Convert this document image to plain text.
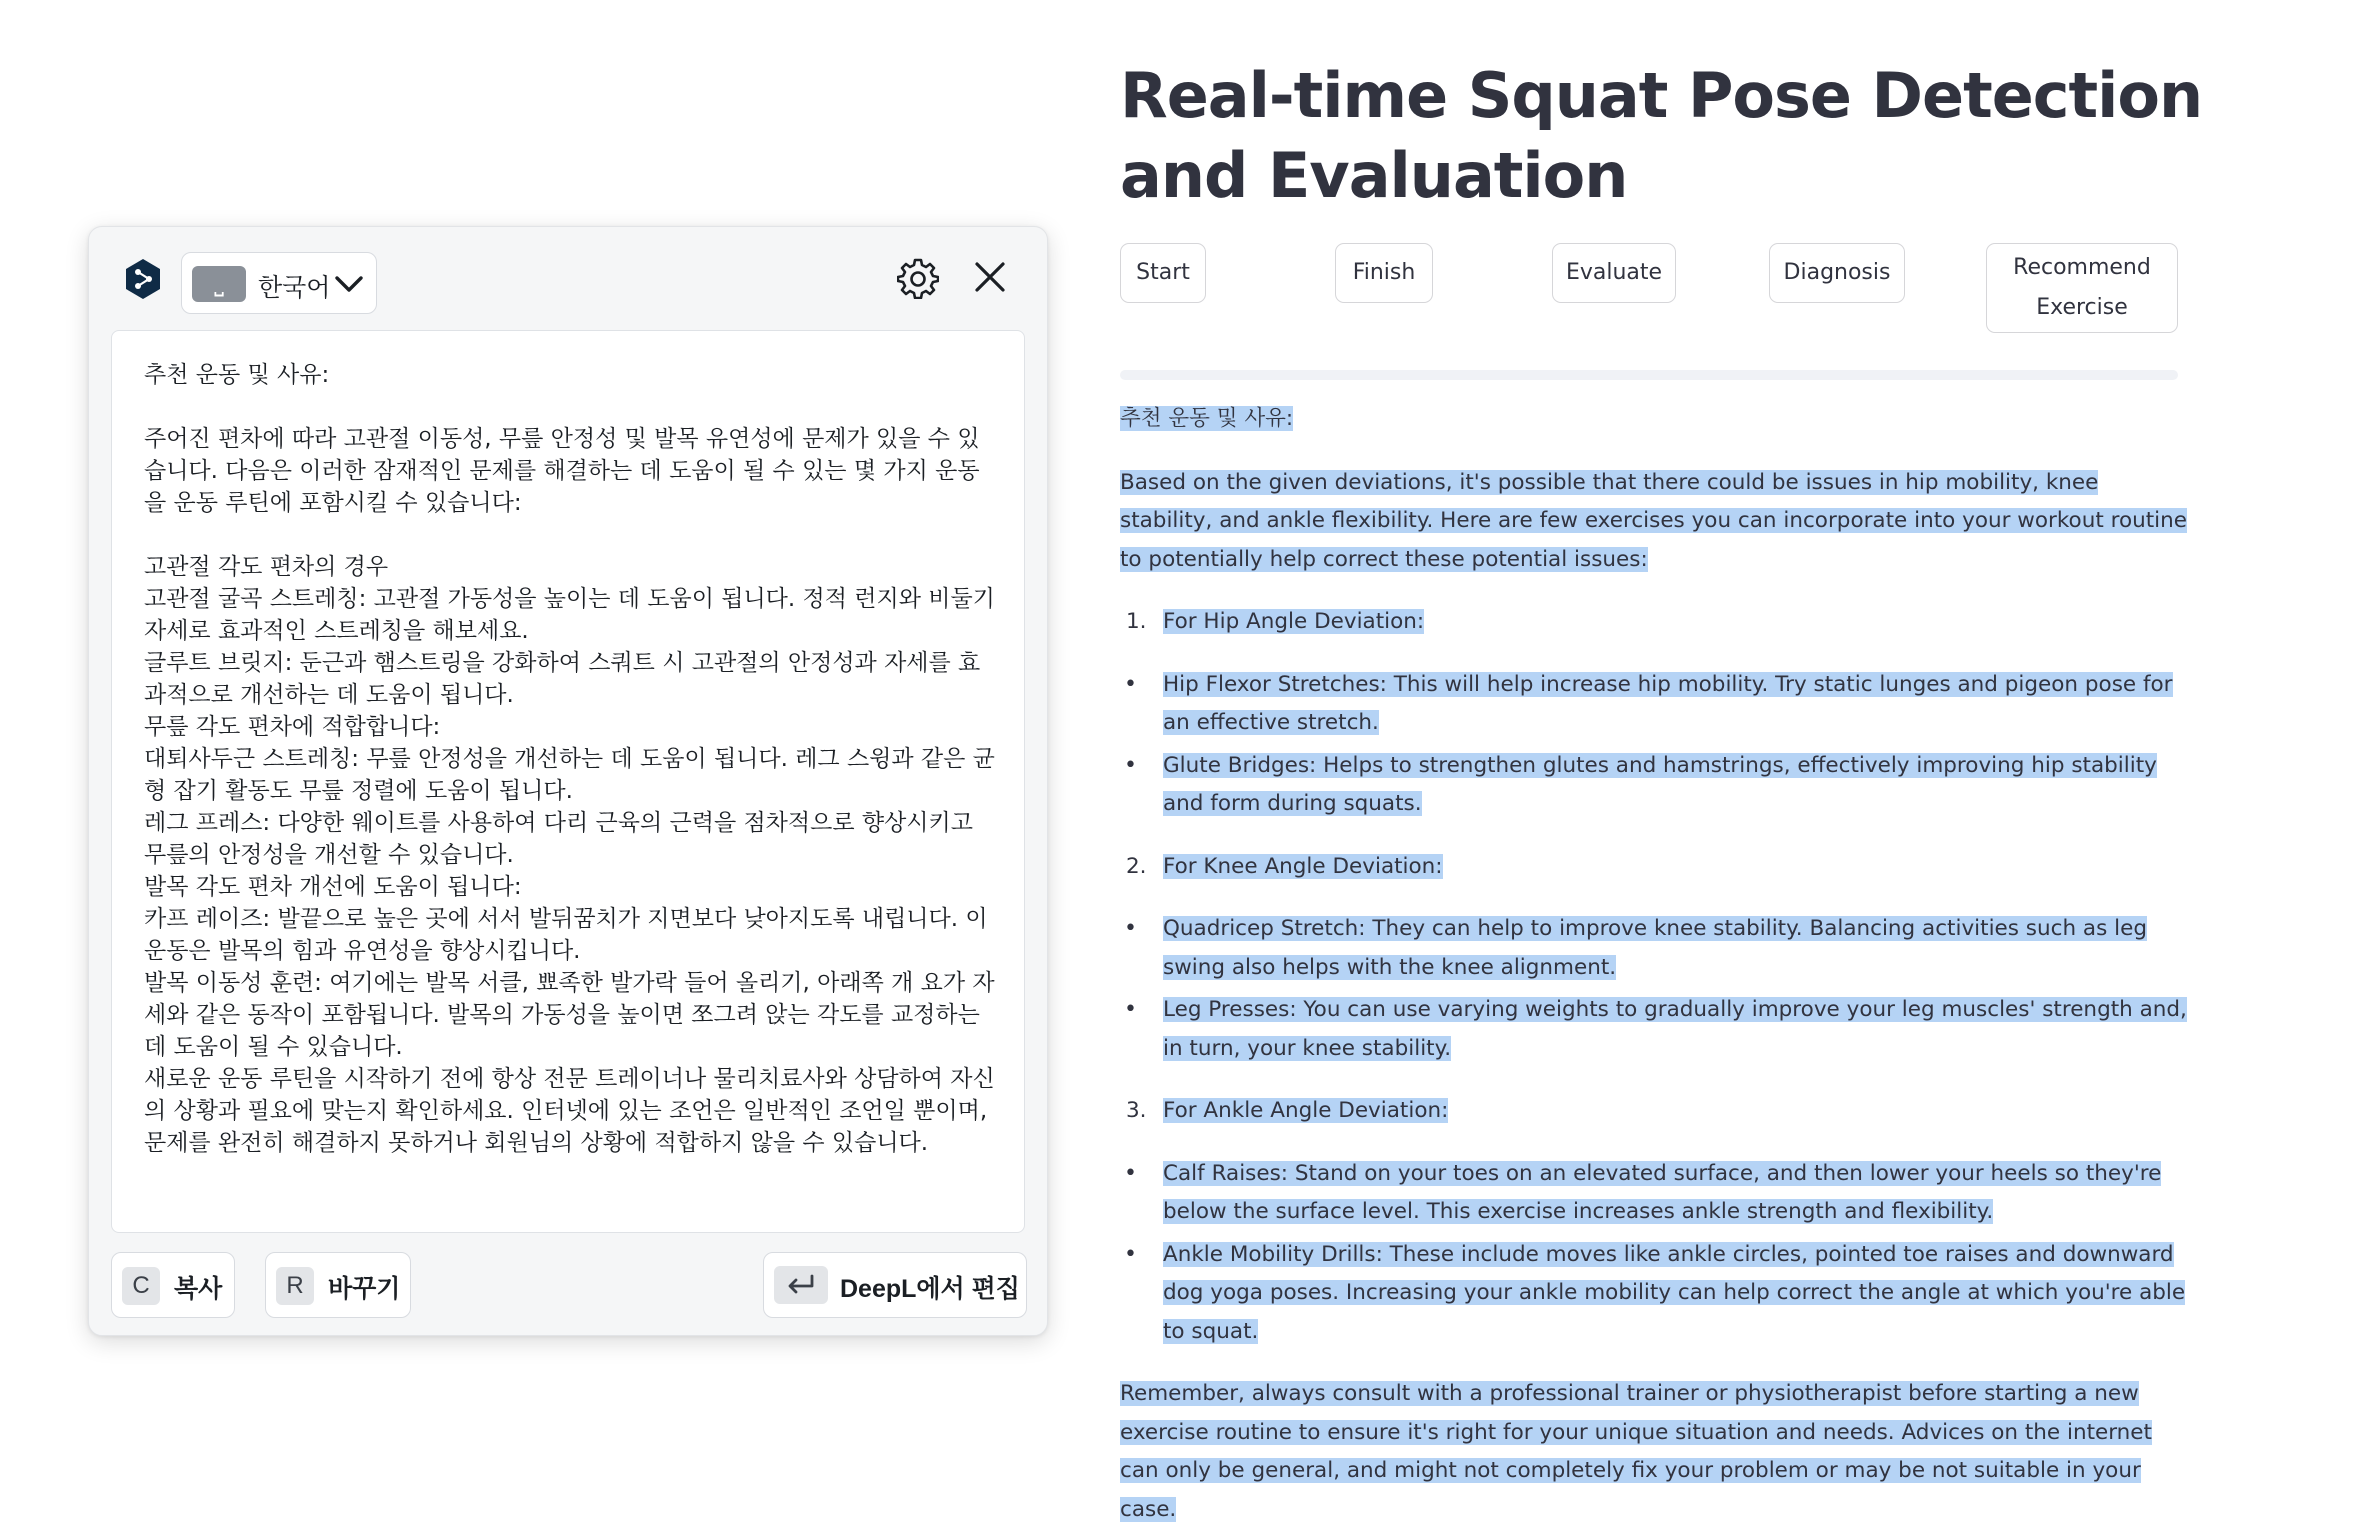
Real-time Squat Pose Detection and Evaluation
Start	Finish	Evaluate	Diagnosis	Recommend
Exercise

추천 운동 및 사유:

Based on the given deviations, it's possible that there could be issues in hip mobility, knee stability, and ankle flexibility. Here are few exercises you can incorporate into your workout routine to potentially help correct these potential issues:

1. For Hip Angle Deviation:
• Hip Flexor Stretches: This will help increase hip mobility. Try static lunges and pigeon pose for an effective stretch.
• Glute Bridges: Helps to strengthen glutes and hamstrings, effectively improving hip stability and form during squats.
2. For Knee Angle Deviation:
• Quadricep Stretch: They can help to improve knee stability. Balancing activities such as leg swing also helps with the knee alignment.
• Leg Presses: You can use varying weights to gradually improve your leg muscles' strength and, in turn, your knee stability.
3. For Ankle Angle Deviation:
• Calf Raises: Stand on your toes on an elevated surface, and then lower your heels so they're below the surface level. This exercise increases ankle strength and flexibility.
• Ankle Mobility Drills: These include moves like ankle circles, pointed toe raises and downward dog yoga poses. Increasing your ankle mobility can help correct the angle at which you're able to squat.

Remember, always consult with a professional trainer or physiotherapist before starting a new exercise routine to ensure it's right for your unique situation and needs. Advices on the internet can only be general, and might not completely fix your problem or may be not suitable in your case.

⎵ 한국어

추천 운동 및 사유:

주어진 편차에 따라 고관절 이동성, 무릎 안정성 및 발목 유연성에 문제가 있을 수 있습니다. 다음은 이러한 잠재적인 문제를 해결하는 데 도움이 될 수 있는 몇 가지 운동을 운동 루틴에 포함시킬 수 있습니다:

고관절 각도 편차의 경우
고관절 굴곡 스트레칭: 고관절 가동성을 높이는 데 도움이 됩니다. 정적 런지와 비둘기 자세로 효과적인 스트레칭을 해보세요.
글루트 브릿지: 둔근과 햄스트링을 강화하여 스쿼트 시 고관절의 안정성과 자세를 효과적으로 개선하는 데 도움이 됩니다.
무릎 각도 편차에 적합합니다:
대퇴사두근 스트레칭: 무릎 안정성을 개선하는 데 도움이 됩니다. 레그 스윙과 같은 균형 잡기 활동도 무릎 정렬에 도움이 됩니다.
레그 프레스: 다양한 웨이트를 사용하여 다리 근육의 근력을 점차적으로 향상시키고 무릎의 안정성을 개선할 수 있습니다.
발목 각도 편차 개선에 도움이 됩니다:
카프 레이즈: 발끝으로 높은 곳에 서서 발뒤꿈치가 지면보다 낮아지도록 내립니다. 이 운동은 발목의 힘과 유연성을 향상시킵니다.
발목 이동성 훈련: 여기에는 발목 서클, 뾰족한 발가락 들어 올리기, 아래쪽 개 요가 자세와 같은 동작이 포함됩니다. 발목의 가동성을 높이면 쪼그려 앉는 각도를 교정하는 데 도움이 될 수 있습니다.
새로운 운동 루틴을 시작하기 전에 항상 전문 트레이너나 물리치료사와 상담하여 자신의 상황과 필요에 맞는지 확인하세요. 인터넷에 있는 조언은 일반적인 조언일 뿐이며, 문제를 완전히 해결하지 못하거나 회원님의 상황에 적합하지 않을 수 있습니다.

C 복사	R 바꾸기	DeepL에서 편집
